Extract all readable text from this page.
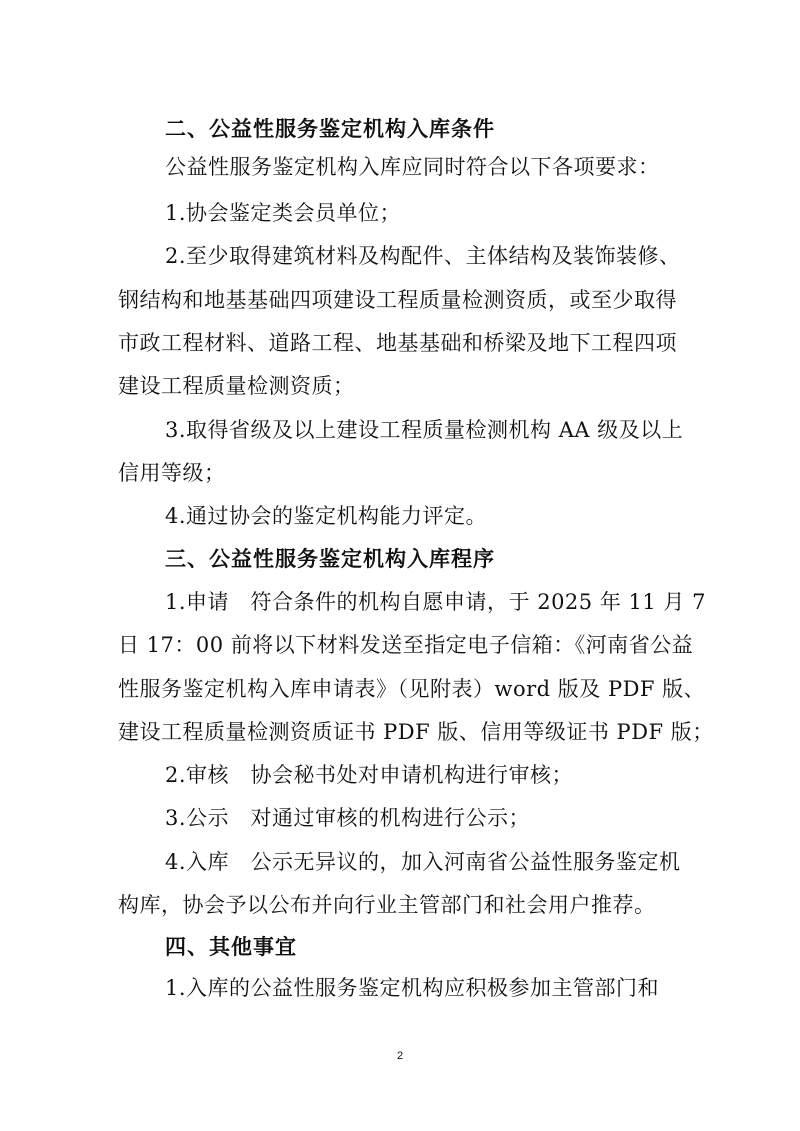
二、公益性服务鉴定机构入库条件
公益性服务鉴定机构入库应同时符合以下各项要求：
1.协会鉴定类会员单位；
2.至少取得建筑材料及构配件、主体结构及装饰装修、
钢结构和地基基础四项建设工程质量检测资质，或至少取得
市政工程材料、道路工程、地基基础和桥梁及地下工程四项
建设工程质量检测资质；
3.取得省级及以上建设工程质量检测机构 AA 级及以上
信用等级；
4.通过协会的鉴定机构能力评定。
三、公益性服务鉴定机构入库程序
1.申请　符合条件的机构自愿申请，于 2025 年 11 月 7
日 17：00 前将以下材料发送至指定电子信箱：《河南省公益
性服务鉴定机构入库申请表》（见附表）word 版及 PDF 版、
建设工程质量检测资质证书 PDF 版、信用等级证书 PDF 版；
2.审核　协会秘书处对申请机构进行审核；
3.公示　对通过审核的机构进行公示；
4.入库　公示无异议的，加入河南省公益性服务鉴定机
构库，协会予以公布并向行业主管部门和社会用户推荐。
四、其他事宜
1.入库的公益性服务鉴定机构应积极参加主管部门和
2
